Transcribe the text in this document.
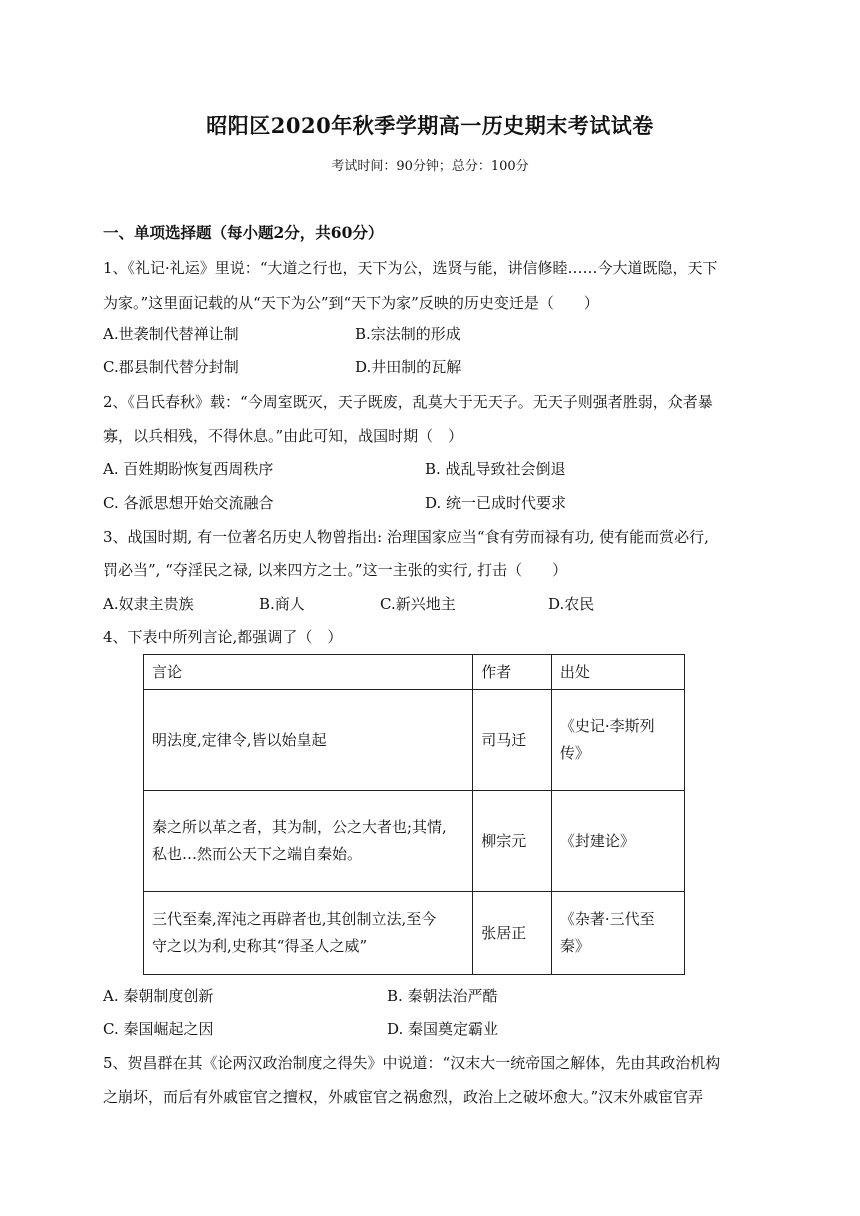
昭阳区2020年秋季学期高一历史期末考试试卷
考试时间：90分钟；总分：100分
一、单项选择题（每小题2分，共60分）
1、《礼记·礼运》里说：“大道之行也，天下为公，选贤与能，讲信修睦……今大道既隐，天下
为家。”这里面记载的从“天下为公”到“天下为家”反映的历史变迁是（　　）
A.世袭制代替禅让制	B.宗法制的形成
C.郡县制代替分封制	D.井田制的瓦解
2、《吕氏春秋》载：“今周室既灭，天子既废，乱莫大于无天子。无天子则强者胜弱，众者暴
寡，以兵相残，不得休息。”由此可知，战国时期（　）
A. 百姓期盼恢复西周秩序	B. 战乱导致社会倒退
C. 各派思想开始交流融合	D. 统一已成时代要求
3、战国时期, 有一位著名历史人物曾指出: 治理国家应当“食有劳而禄有功, 使有能而赏必行,
罚必当”, “夺淫民之禄, 以来四方之士。”这一主张的实行, 打击（　　）
A.奴隶主贵族	B.商人	C.新兴地主	D.农民
4、下表中所列言论,都强调了（　）
言论	作者	出处
明法度,定律令,皆以始皇起	司马迁	《史记·李斯列
传》
秦之所以革之者，其为制，公之大者也;其情,
私也…然而公天下之端自秦始。	柳宗元	《封建论》
三代至秦,浑沌之再辟者也,其创制立法,至今
守之以为利,史称其“得圣人之威”	张居正	《杂著·三代至
秦》
A. 秦朝制度创新	B. 秦朝法治严酷
C. 秦国崛起之因	D. 秦国奠定霸业
5、贺昌群在其《论两汉政治制度之得失》中说道：“汉末大一统帝国之解体，先由其政治机构
之崩坏，而后有外戚宦官之擅权，外戚宦官之祸愈烈，政治上之破坏愈大。”汉末外戚宦官弄
